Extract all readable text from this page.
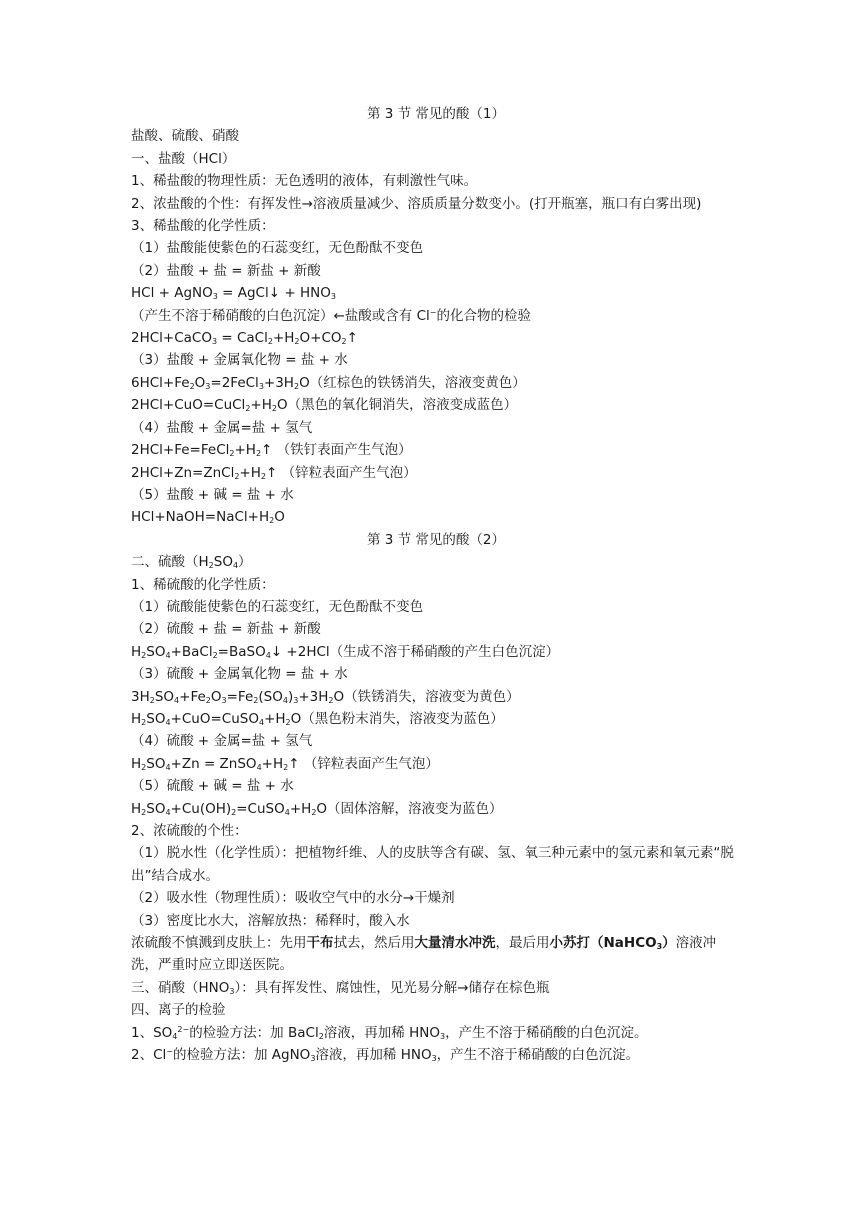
第 3 节 常见的酸（1）
盐酸、硫酸、硝酸
一、盐酸（HCl）
1、稀盐酸的物理性质：无色透明的液体，有刺激性气味。
2、浓盐酸的个性：有挥发性→溶液质量减少、溶质质量分数变小。(打开瓶塞，瓶口有白雾出现)
3、稀盐酸的化学性质：
（1）盐酸能使紫色的石蕊变红，无色酚酞不变色
（2）盐酸 + 盐 = 新盐 + 新酸
HCl + AgNO$_3$ = AgCl↓ + $HNO_3$
（产生不溶于稀硝酸的白色沉淀）←盐酸或含有 Cl−的化合物的检验
2HCl+CaCO$_3$ = $CaCl_2+H_2O+CO_2↑$
（3）盐酸 + 金属氧化物 = 盐 + 水
$6HCl+Fe_2O_3=2FeCl_3+3H_2O$（红棕色的铁锈消失，溶液变黄色）
$2HCl+CuO=CuCl_2+H_2O$（黑色的氧化铜消失，溶液变成蓝色）
（4）盐酸 + 金属=盐 + 氢气
$2HCl+Fe=FeCl_2+H_2↑$ （铁钉表面产生气泡）
$2HCl+Zn=ZnCl_2+H_2↑$ （锌粒表面产生气泡）
（5）盐酸 + 碱 = 盐 + 水
$HCl+NaOH=NaCl+H_2O$
第 3 节 常见的酸（2）
二、硫酸$(H_2SO_4)$
1、稀硫酸的化学性质：
（1）硫酸能使紫色的石蕊变红，无色酚酞不变色
（2）硫酸 + 盐 = 新盐 + 新酸
$H_2SO_4+BaCl_2=BaSO_4↓ +2HCl$（生成不溶于稀硝酸的产生白色沉淀）
（3）硫酸 + 金属氧化物 = 盐 + 水
$3H_2SO_4+Fe_2O_3=Fe_2(SO_4)_3+3H_2O$（铁锈消失，溶液变为黄色）
$H_2SO_4+CuO=CuSO_4+H_2O$（黑色粉末消失，溶液变为蓝色）
（4）硫酸 + 金属=盐 + 氢气
$H_2SO_4+Zn$ = $ZnSO_4+H_2↑$ （锌粒表面产生气泡）
（5）硫酸 + 碱 = 盐 + 水
$H_2SO_4+Cu(OH)_2=CuSO_4+H_2O$（固体溶解，溶液变为蓝色）
2、浓硫酸的个性：
（1）脱水性（化学性质）：把植物纤维、人的皮肤等含有碳、氢、氧三种元素中的氢元素和氧元素“脱出”结合成水。
（2）吸水性（物理性质）：吸收空气中的水分→干燥剂
（3）密度比水大，溶解放热：稀释时，酸入水
浓硫酸不慎溅到皮肤上：先用干布拭去，然后用大量清水冲洗，最后用小苏打（NaHCO$_3$）溶液冲洗，严重时应立即送医院。
三、硝酸$(HNO_3)$：具有挥发性、腐蚀性，见光易分解→储存在棕色瓶
四、离子的检验
1、$SO_4^{2-}$的检验方法：加 BaCl$_2$溶液，再加稀 $HNO_3$，产生不溶于稀硝酸的白色沉淀。
2、Cl−的检验方法：加 AgNO$_3$溶液，再加稀 $HNO_3$，产生不溶于稀硝酸的白色沉淀。
